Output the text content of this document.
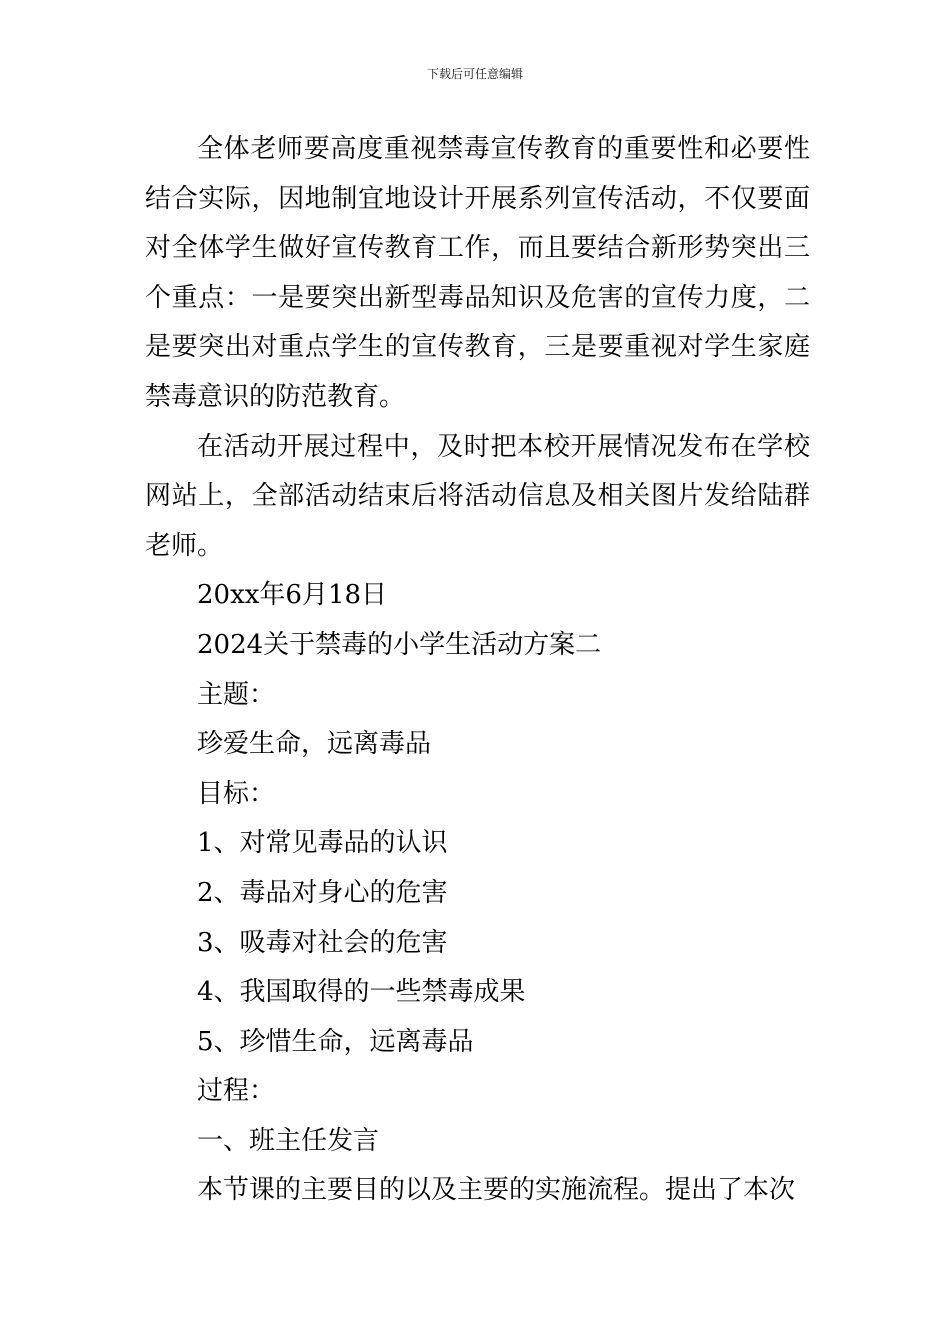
下载后可任意编辑

全体老师要高度重视禁毒宣传教育的重要性和必要性结合实际，因地制宜地设计开展系列宣传活动，不仅要面对全体学生做好宣传教育工作，而且要结合新形势突出三个重点：一是要突出新型毒品知识及危害的宣传力度，二是要突出对重点学生的宣传教育，三是要重视对学生家庭禁毒意识的防范教育。

在活动开展过程中，及时把本校开展情况发布在学校网站上，全部活动结束后将活动信息及相关图片发给陆群老师。

20xx年6月18日

2024关于禁毒的小学生活动方案二

主题：

珍爱生命，远离毒品

目标：

1、对常见毒品的认识

2、毒品对身心的危害

3、吸毒对社会的危害

4、我国取得的一些禁毒成果

5、珍惜生命，远离毒品

过程：

一、班主任发言

本节课的主要目的以及主要的实施流程。提出了本次
